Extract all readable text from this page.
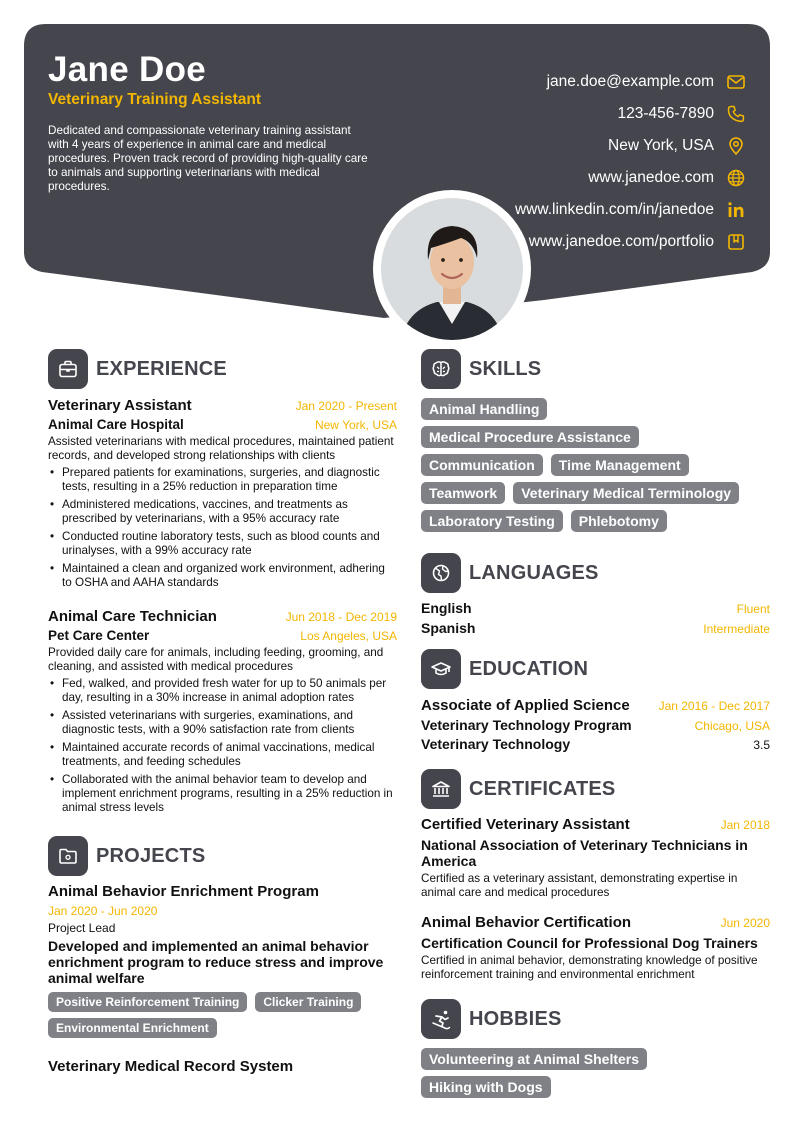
Jane Doe
Veterinary Training Assistant
Dedicated and compassionate veterinary training assistant with 4 years of experience in animal care and medical procedures. Proven track record of providing high-quality care to animals and supporting veterinarians with medical procedures.
jane.doe@example.com
123-456-7890
New York, USA
www.janedoe.com
www.linkedin.com/in/janedoe
www.janedoe.com/portfolio
EXPERIENCE
Veterinary Assistant	Jan 2020 - Present
Animal Care Hospital	New York, USA
Assisted veterinarians with medical procedures, maintained patient records, and developed strong relationships with clients
• Prepared patients for examinations, surgeries, and diagnostic tests, resulting in a 25% reduction in preparation time
• Administered medications, vaccines, and treatments as prescribed by veterinarians, with a 95% accuracy rate
• Conducted routine laboratory tests, such as blood counts and urinalyses, with a 99% accuracy rate
• Maintained a clean and organized work environment, adhering to OSHA and AAHA standards
Animal Care Technician	Jun 2018 - Dec 2019
Pet Care Center	Los Angeles, USA
Provided daily care for animals, including feeding, grooming, and cleaning, and assisted with medical procedures
• Fed, walked, and provided fresh water for up to 50 animals per day, resulting in a 30% increase in animal adoption rates
• Assisted veterinarians with surgeries, examinations, and diagnostic tests, with a 90% satisfaction rate from clients
• Maintained accurate records of animal vaccinations, medical treatments, and feeding schedules
• Collaborated with the animal behavior team to develop and implement enrichment programs, resulting in a 25% reduction in animal stress levels
PROJECTS
Animal Behavior Enrichment Program
Jan 2020 - Jun 2020
Project Lead
Developed and implemented an animal behavior enrichment program to reduce stress and improve animal welfare
Positive Reinforcement Training	Clicker Training
Environmental Enrichment
Veterinary Medical Record System
SKILLS
Animal Handling
Medical Procedure Assistance
Communication	Time Management
Teamwork	Veterinary Medical Terminology
Laboratory Testing	Phlebotomy
LANGUAGES
English	Fluent
Spanish	Intermediate
EDUCATION
Associate of Applied Science Jan 2016 - Dec 2017
Veterinary Technology Program	Chicago, USA
Veterinary Technology	3.5
CERTIFICATES
Certified Veterinary Assistant	Jan 2018
National Association of Veterinary Technicians in America
Certified as a veterinary assistant, demonstrating expertise in animal care and medical procedures
Animal Behavior Certification	Jun 2020
Certification Council for Professional Dog Trainers
Certified in animal behavior, demonstrating knowledge of positive reinforcement training and environmental enrichment
HOBBIES
Volunteering at Animal Shelters
Hiking with Dogs
